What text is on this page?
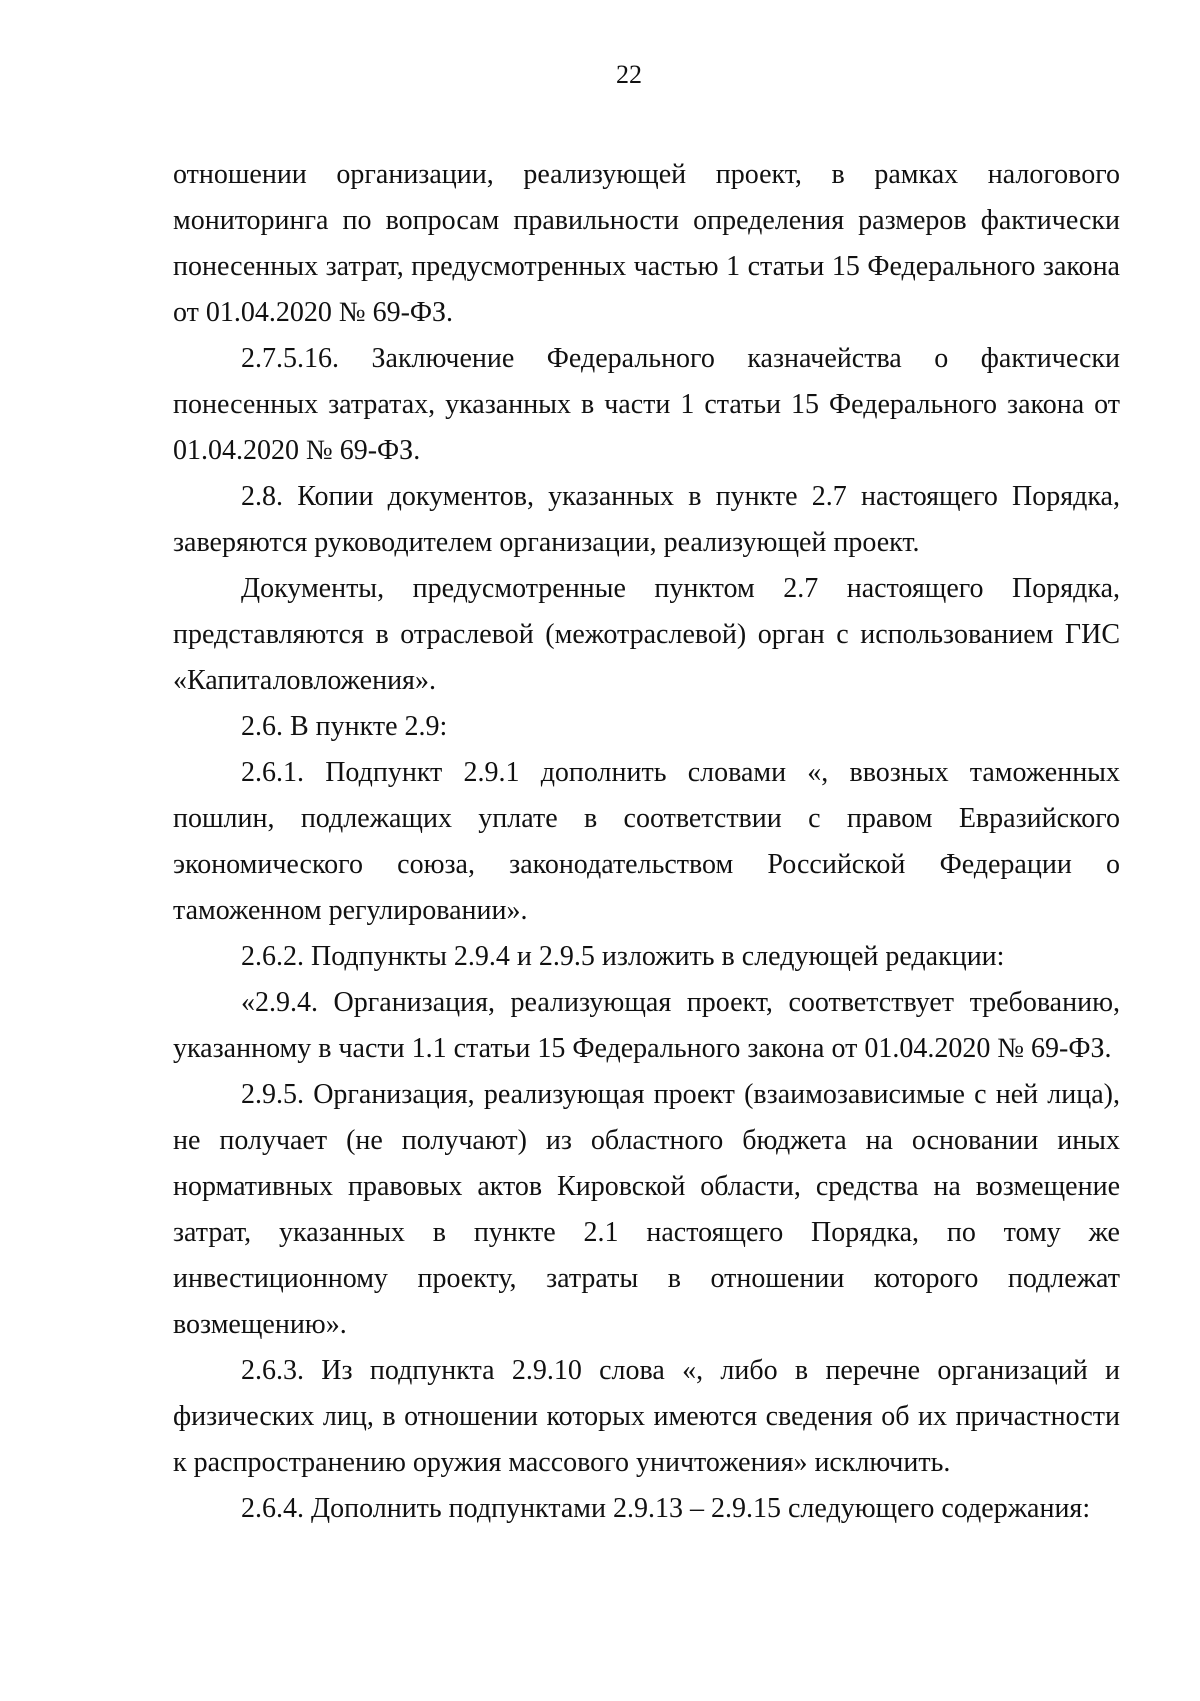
22

отношении организации, реализующей проект, в рамках налогового мониторинга по вопросам правильности определения размеров фактически понесенных затрат, предусмотренных частью 1 статьи 15 Федерального закона от 01.04.2020 № 69-ФЗ.

2.7.5.16. Заключение Федерального казначейства о фактически понесенных затратах, указанных в части 1 статьи 15 Федерального закона от 01.04.2020 № 69-ФЗ.

2.8. Копии документов, указанных в пункте 2.7 настоящего Порядка, заверяются руководителем организации, реализующей проект.

Документы, предусмотренные пунктом 2.7 настоящего Порядка, представляются в отраслевой (межотраслевой) орган с использованием ГИС «Капиталовложения».

2.6. В пункте 2.9:

2.6.1. Подпункт 2.9.1 дополнить словами «, ввозных таможенных пошлин, подлежащих уплате в соответствии с правом Евразийского экономического союза, законодательством Российской Федерации о таможенном регулировании».

2.6.2. Подпункты 2.9.4 и 2.9.5 изложить в следующей редакции:

«2.9.4. Организация, реализующая проект, соответствует требованию, указанному в части 1.1 статьи 15 Федерального закона от 01.04.2020 № 69-ФЗ.

2.9.5. Организация, реализующая проект (взаимозависимые с ней лица), не получает (не получают) из областного бюджета на основании иных нормативных правовых актов Кировской области, средства на возмещение затрат, указанных в пункте 2.1 настоящего Порядка, по тому же инвестиционному проекту, затраты в отношении которого подлежат возмещению».

2.6.3. Из подпункта 2.9.10 слова «, либо в перечне организаций и физических лиц, в отношении которых имеются сведения об их причастности к распространению оружия массового уничтожения» исключить.

2.6.4. Дополнить подпунктами 2.9.13 – 2.9.15 следующего содержания:
